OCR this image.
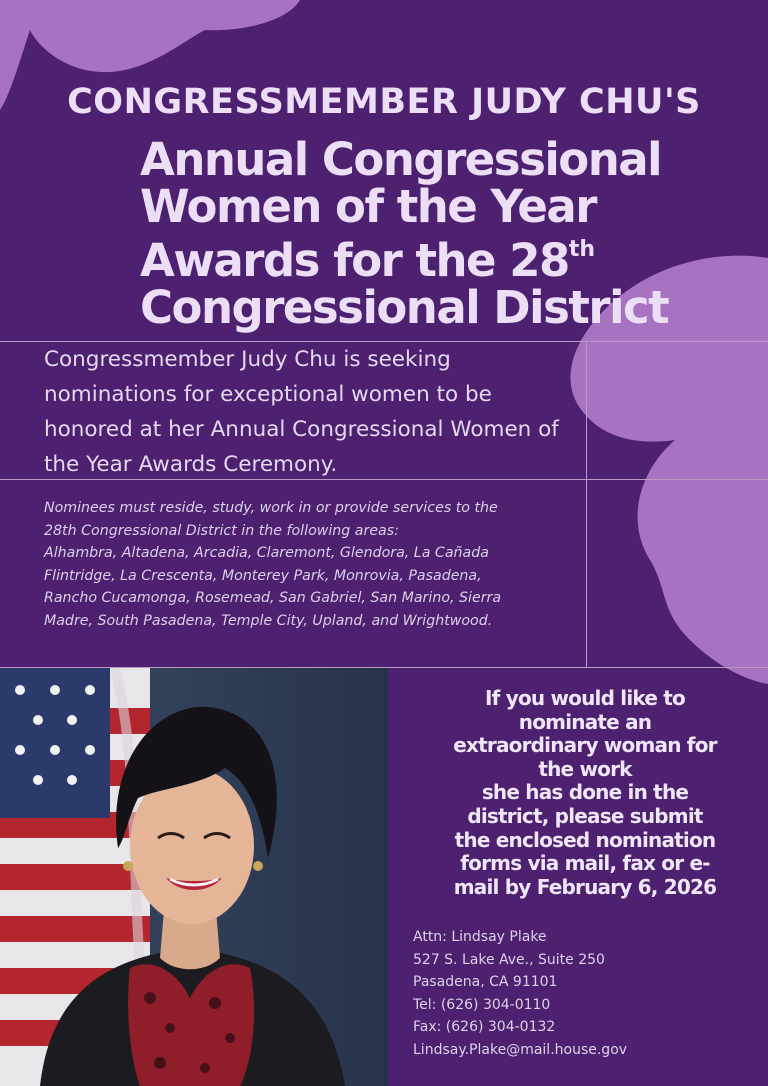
CONGRESSMEMBER JUDY CHU'S
Annual Congressional
Women of the Year
Awards for the 28th
Congressional District
Congressmember Judy Chu is seeking
nominations for exceptional women to be
honored at her Annual Congressional Women of
the Year Awards Ceremony.
Nominees must reside, study, work in or provide services to the
28th Congressional District in the following areas:
Alhambra, Altadena, Arcadia, Claremont, Glendora, La Cañada
Flintridge, La Crescenta, Monterey Park, Monrovia, Pasadena,
Rancho Cucamonga, Rosemead, San Gabriel, San Marino, Sierra
Madre, South Pasadena, Temple City, Upland, and Wrightwood.
If you would like to
nominate an
extraordinary woman for
the work
she has done in the
district, please submit
the enclosed nomination
forms via mail, fax or e-
mail by February 6, 2026
Attn: Lindsay Plake
527 S. Lake Ave., Suite 250
Pasadena, CA 91101
Tel: (626) 304-0110
Fax: (626) 304-0132
Lindsay.Plake@mail.house.gov
